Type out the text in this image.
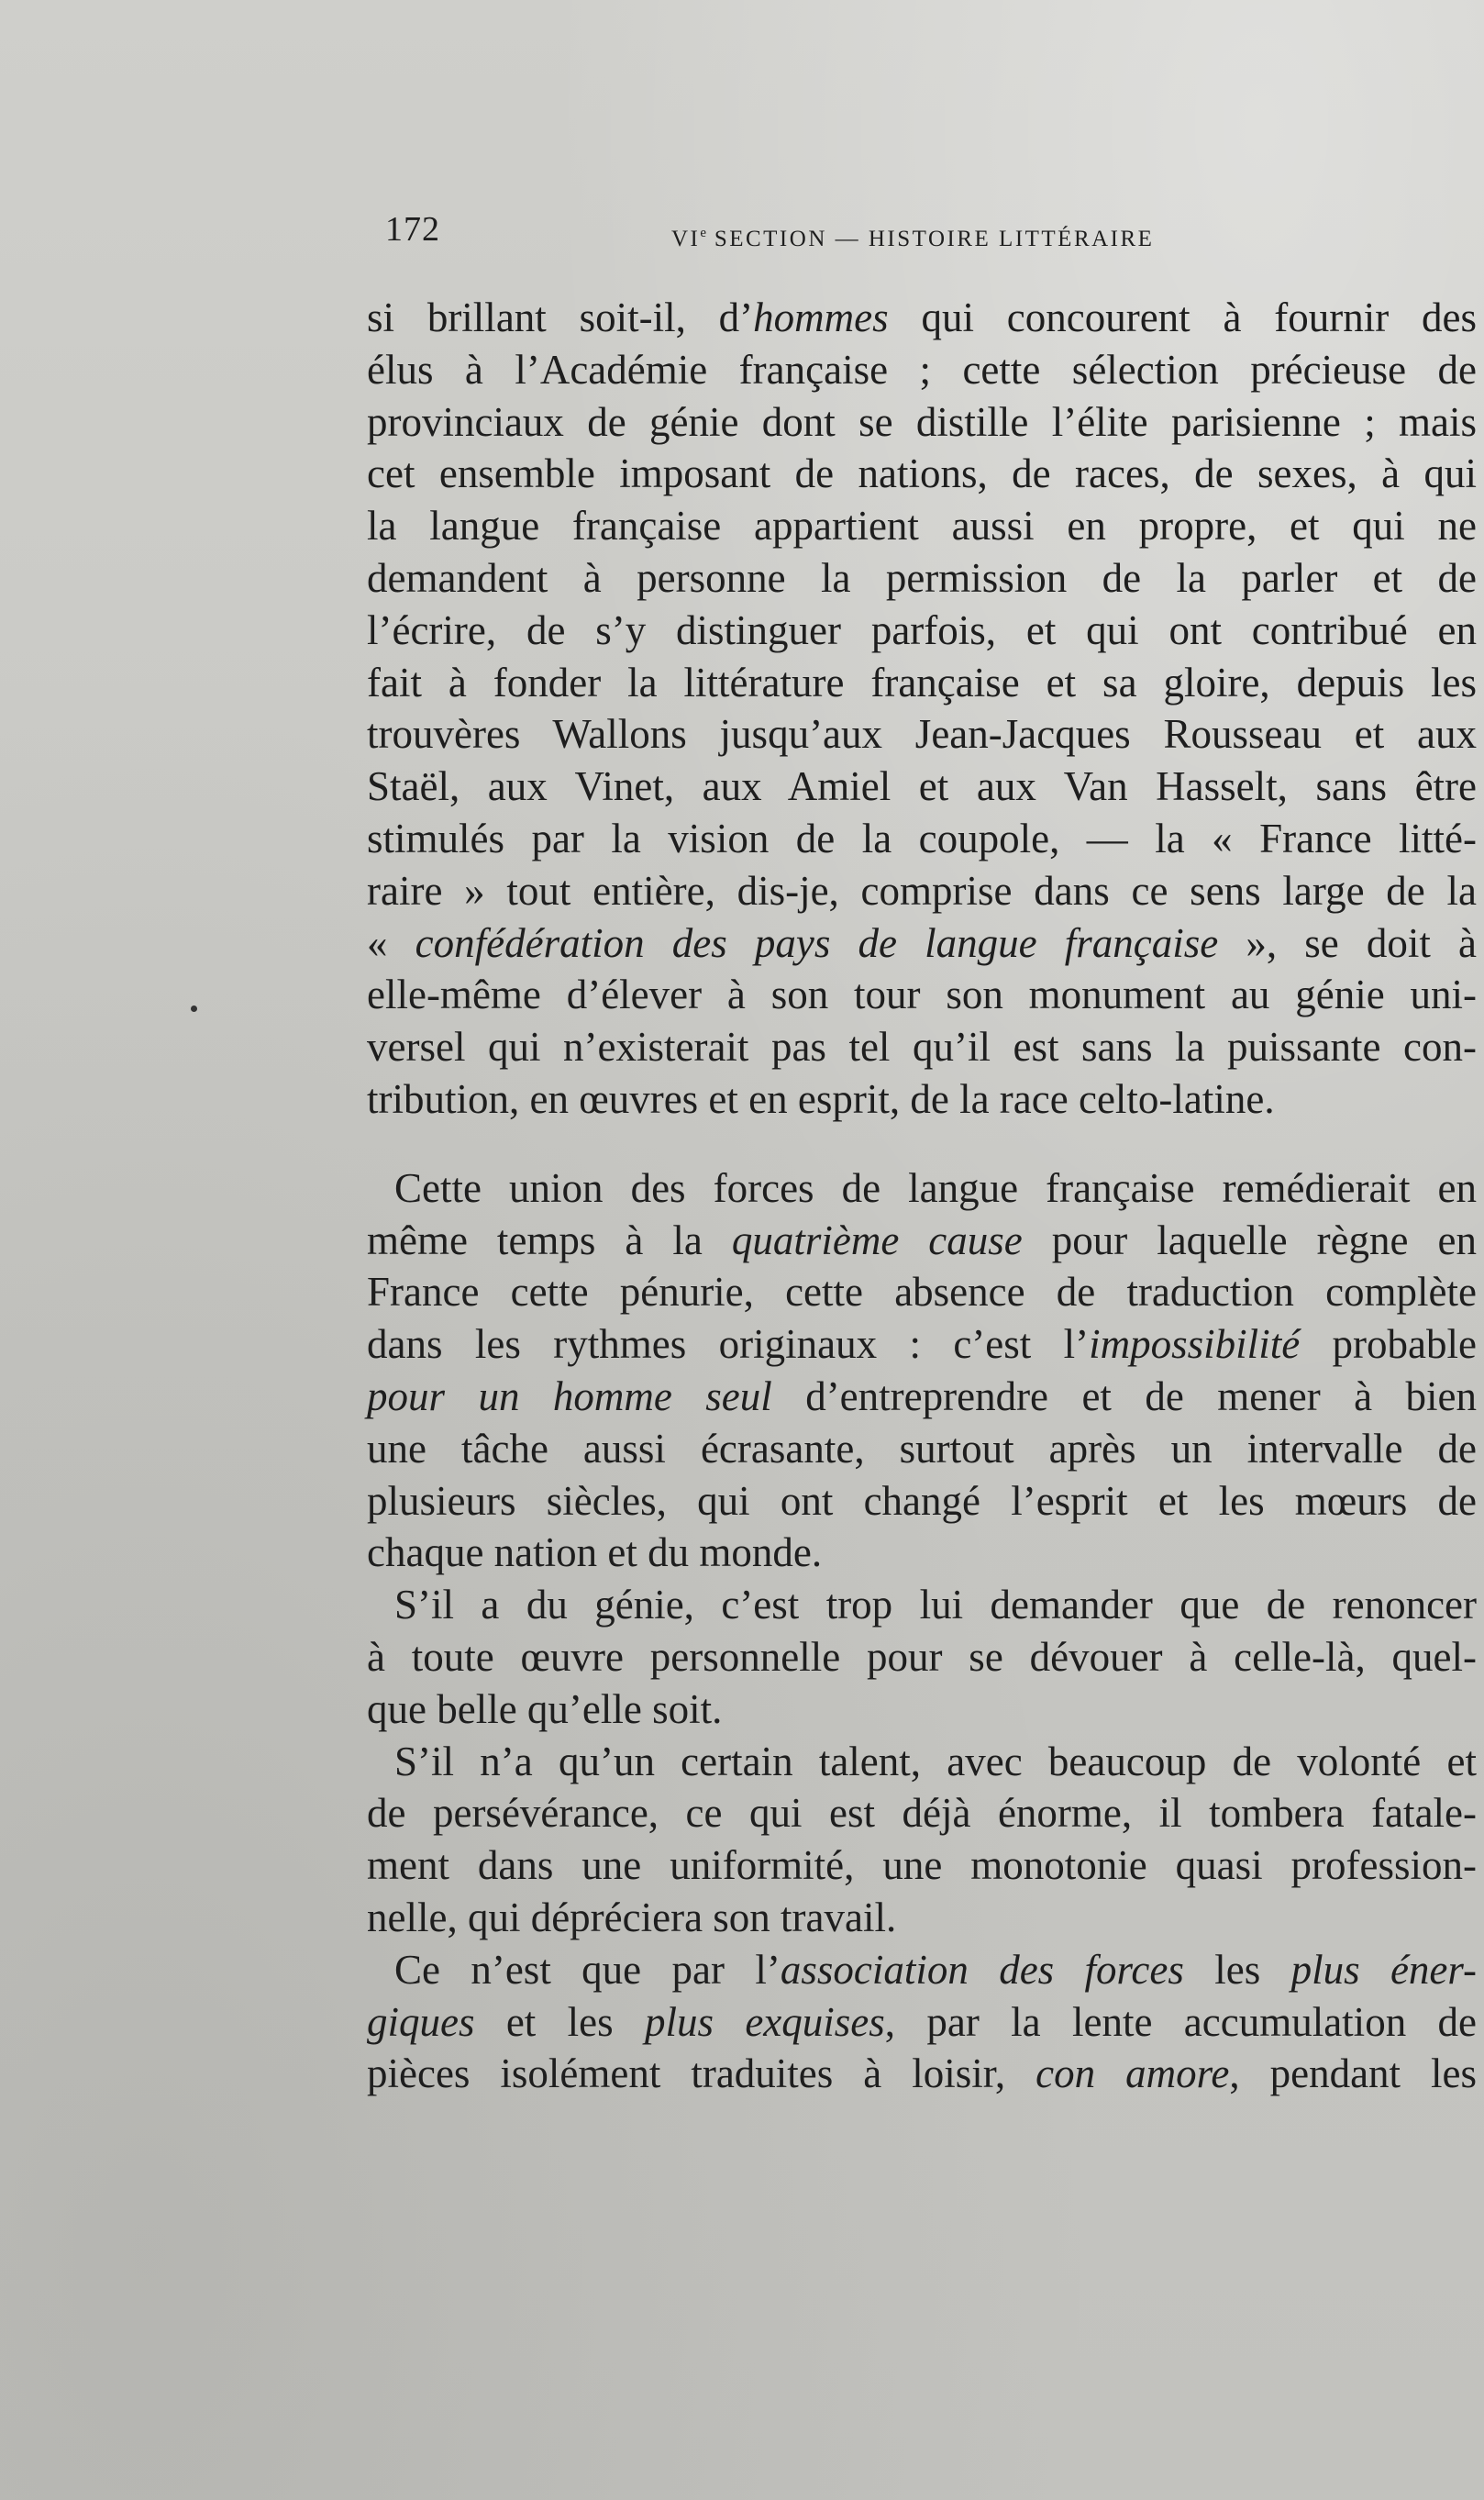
172	VIe SECTION — HISTOIRE LITTÉRAIRE
si brillant soit-il, d’hommes qui concourent à fournir des
élus à l’Académie française ; cette sélection précieuse de
provinciaux de génie dont se distille l’élite parisienne ; mais
cet ensemble imposant de nations, de races, de sexes, à qui
la langue française appartient aussi en propre, et qui ne
demandent à personne la permission de la parler et de
l’écrire, de s’y distinguer parfois, et qui ont contribué en
fait à fonder la littérature française et sa gloire, depuis les
trouvères Wallons jusqu’aux Jean-Jacques Rousseau et aux
Staël, aux Vinet, aux Amiel et aux Van Hasselt, sans être
stimulés par la vision de la coupole, — la « France litté-
raire » tout entière, dis-je, comprise dans ce sens large de la
« confédération des pays de langue française », se doit à
elle-même d’élever à son tour son monument au génie uni-
versel qui n’existerait pas tel qu’il est sans la puissante con-
tribution, en œuvres et en esprit, de la race celto-latine.
Cette union des forces de langue française remédierait en
même temps à la quatrième cause pour laquelle règne en
France cette pénurie, cette absence de traduction complète
dans les rythmes originaux : c’est l’impossibilité probable
pour un homme seul d’entreprendre et de mener à bien
une tâche aussi écrasante, surtout après un intervalle de
plusieurs siècles, qui ont changé l’esprit et les mœurs de
chaque nation et du monde.
S’il a du génie, c’est trop lui demander que de renoncer
à toute œuvre personnelle pour se dévouer à celle-là, quel-
que belle qu’elle soit.
S’il n’a qu’un certain talent, avec beaucoup de volonté et
de persévérance, ce qui est déjà énorme, il tombera fatale-
ment dans une uniformité, une monotonie quasi profession-
nelle, qui dépréciera son travail.
Ce n’est que par l’association des forces les plus éner-
giques et les plus exquises, par la lente accumulation de
pièces isolément traduites à loisir, con amore, pendant les
